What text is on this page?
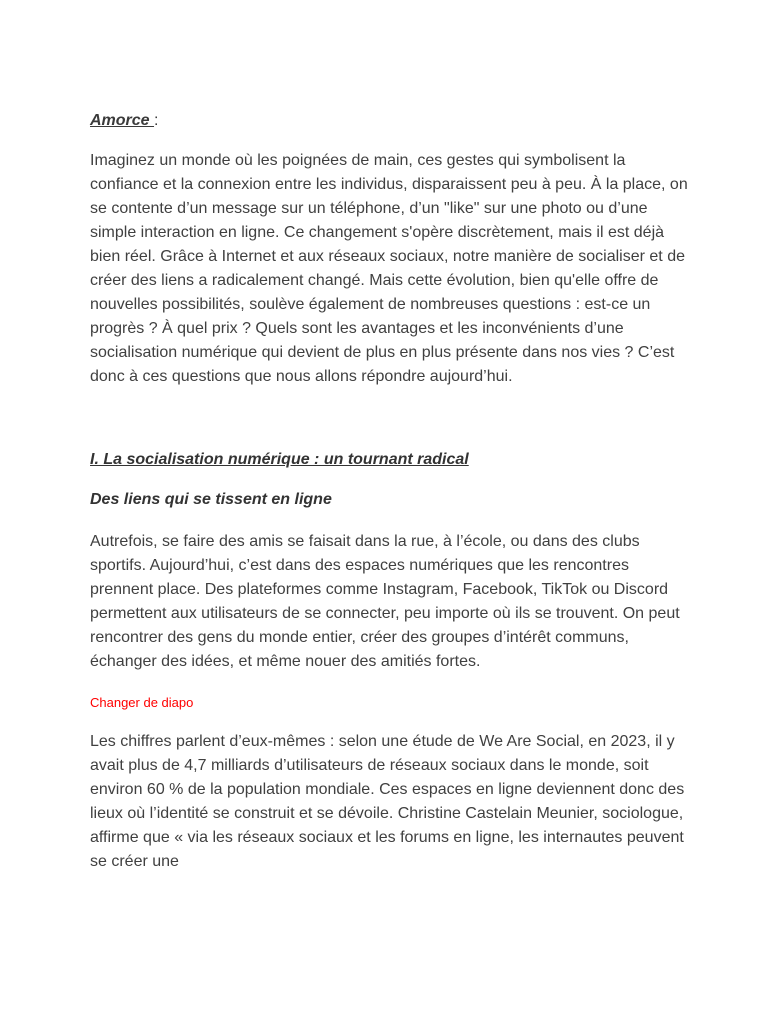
Amorce :

Imaginez un monde où les poignées de main, ces gestes qui symbolisent la confiance et la connexion entre les individus, disparaissent peu à peu. À la place, on se contente d’un message sur un téléphone, d’un "like" sur une photo ou d’une simple interaction en ligne. Ce changement s'opère discrètement, mais il est déjà bien réel. Grâce à Internet et aux réseaux sociaux, notre manière de socialiser et de créer des liens a radicalement changé. Mais cette évolution, bien qu'elle offre de nouvelles possibilités, soulève également de nombreuses questions : est-ce un progrès ? À quel prix ? Quels sont les avantages et les inconvénients d’une socialisation numérique qui devient de plus en plus présente dans nos vies ? C’est donc à ces questions que nous allons répondre aujourd’hui.

I. La socialisation numérique : un tournant radical

Des liens qui se tissent en ligne

Autrefois, se faire des amis se faisait dans la rue, à l’école, ou dans des clubs sportifs. Aujourd’hui, c’est dans des espaces numériques que les rencontres prennent place. Des plateformes comme Instagram, Facebook, TikTok ou Discord permettent aux utilisateurs de se connecter, peu importe où ils se trouvent. On peut rencontrer des gens du monde entier, créer des groupes d’intérêt communs, échanger des idées, et même nouer des amitiés fortes.

Changer de diapo

Les chiffres parlent d’eux-mêmes : selon une étude de We Are Social, en 2023, il y avait plus de 4,7 milliards d’utilisateurs de réseaux sociaux dans le monde, soit environ 60 % de la population mondiale. Ces espaces en ligne deviennent donc des lieux où l’identité se construit et se dévoile. Christine Castelain Meunier, sociologue, affirme que « via les réseaux sociaux et les forums en ligne, les internautes peuvent se créer une
